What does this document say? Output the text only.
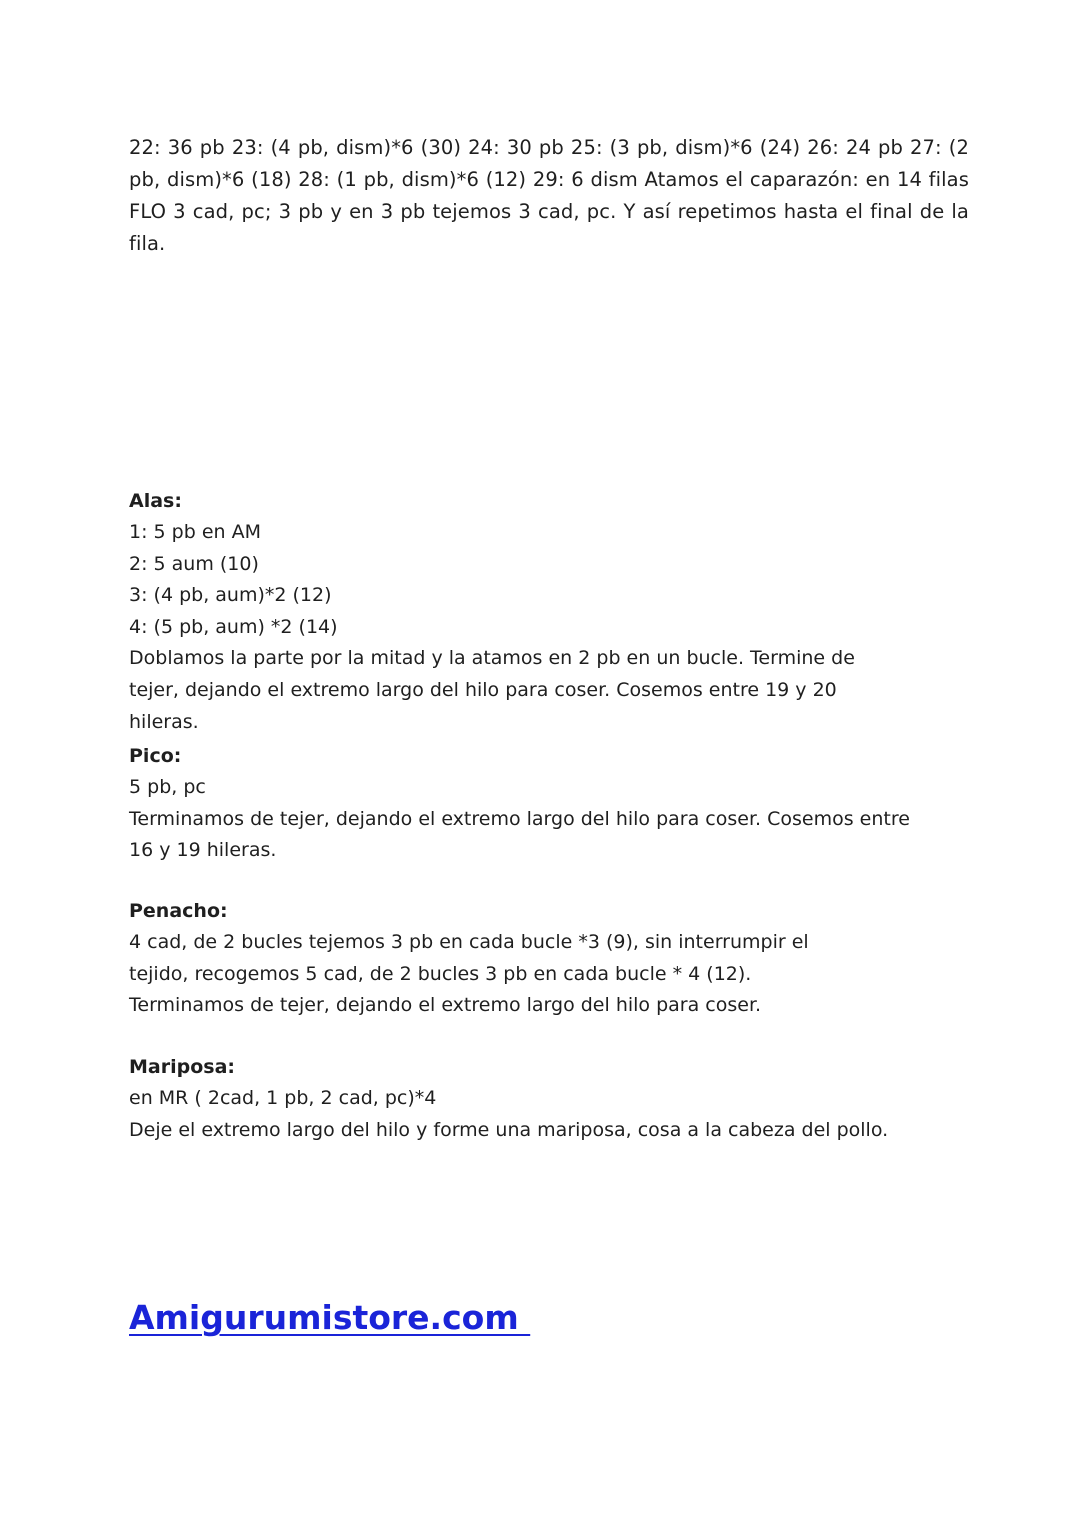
22: 36 pb 23: (4 pb, dism)*6 (30) 24: 30 pb 25: (3 pb, dism)*6 (24) 26: 24 pb 27: (2 pb, dism)*6 (18) 28: (1 pb, dism)*6 (12) 29: 6 dism Atamos el caparazón: en 14 filas FLO 3 cad, pc; 3 pb y en 3 pb tejemos 3 cad, pc. Y así repetimos hasta el final de la fila.

Alas:

1: 5 pb en AM

2: 5 aum (10)

3: (4 pb, aum)*2 (12)

4: (5 pb, aum) *2 (14)

Doblamos la parte por la mitad y la atamos en 2 pb en un bucle. Termine de tejer, dejando el extremo largo del hilo para coser. Cosemos entre 19 y 20 hileras.

Pico:

5 pb, pc

Terminamos de tejer, dejando el extremo largo del hilo para coser. Cosemos entre 16 y 19 hileras.

Penacho:

4 cad, de 2 bucles tejemos 3 pb en cada bucle *3 (9), sin interrumpir el tejido, recogemos 5 cad, de 2 bucles 3 pb en cada bucle * 4 (12). Terminamos de tejer, dejando el extremo largo del hilo para coser.

Mariposa:

en MR ( 2cad, 1 pb, 2 cad, pc)*4

Deje el extremo largo del hilo y forme una mariposa, cosa a la cabeza del pollo.

Amigurumistore.com
